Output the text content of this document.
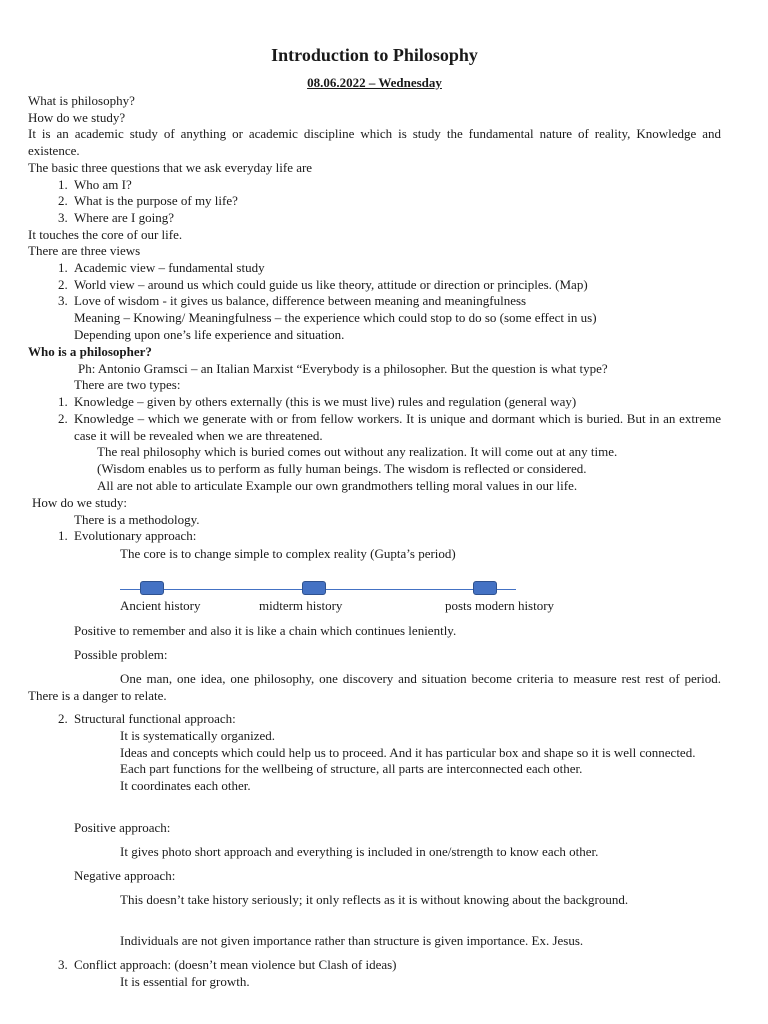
Introduction to Philosophy
08.06.2022 – Wednesday

What is philosophy?

How do we study?

It is an academic study of anything or academic discipline which is study the fundamental nature of reality, Knowledge and existence.

The basic three questions that we ask everyday life are

1. Who am I?
2. What is the purpose of my life?
3. Where are I going?

It touches the core of our life.

There are three views

1. Academic view – fundamental study
2. World view – around us which could guide us like theory, attitude or direction or principles. (Map)
3. Love of wisdom - it gives us balance, difference between meaning and meaningfulness

Meaning – Knowing/ Meaningfulness – the experience which could stop to do so (some effect in us)

Depending upon one’s life experience and situation.

Who is a philosopher?

Ph: Antonio Gramsci – an Italian Marxist “Everybody is a philosopher. But the question is what type?

There are two types:

1. Knowledge – given by others externally (this is we must live) rules and regulation (general way)
2. Knowledge – which we generate with or from fellow workers. It is unique and dormant which is buried. But in an extreme case it will be revealed when we are threatened.

The real philosophy which is buried comes out without any realization. It will come out at any time.

(Wisdom enables us to perform as fully human beings. The wisdom is reflected or considered.

All are not able to articulate Example our own grandmothers telling moral values in our life.

How do we study:

There is a methodology.

1. Evolutionary approach:

The core is to change simple to complex reality (Gupta’s period)

Ancient history	midterm history	posts modern history

Positive to remember and also it is like a chain which continues leniently.

Possible problem:

One man, one idea, one philosophy, one discovery and situation become criteria to measure rest rest of period. There is a danger to relate.

2. Structural functional approach:

It is systematically organized.

Ideas and concepts which could help us to proceed. And it has particular box and shape so it is well connected.

Each part functions for the wellbeing of structure, all parts are interconnected each other.

It coordinates each other.

Positive approach:

It gives photo short approach and everything is included in one/strength to know each other.

Negative approach:

This doesn’t take history seriously; it only reflects as it is without knowing about the background.

Individuals are not given importance rather than structure is given importance. Ex. Jesus.

3. Conflict approach: (doesn’t mean violence but Clash of ideas)

It is essential for growth.
